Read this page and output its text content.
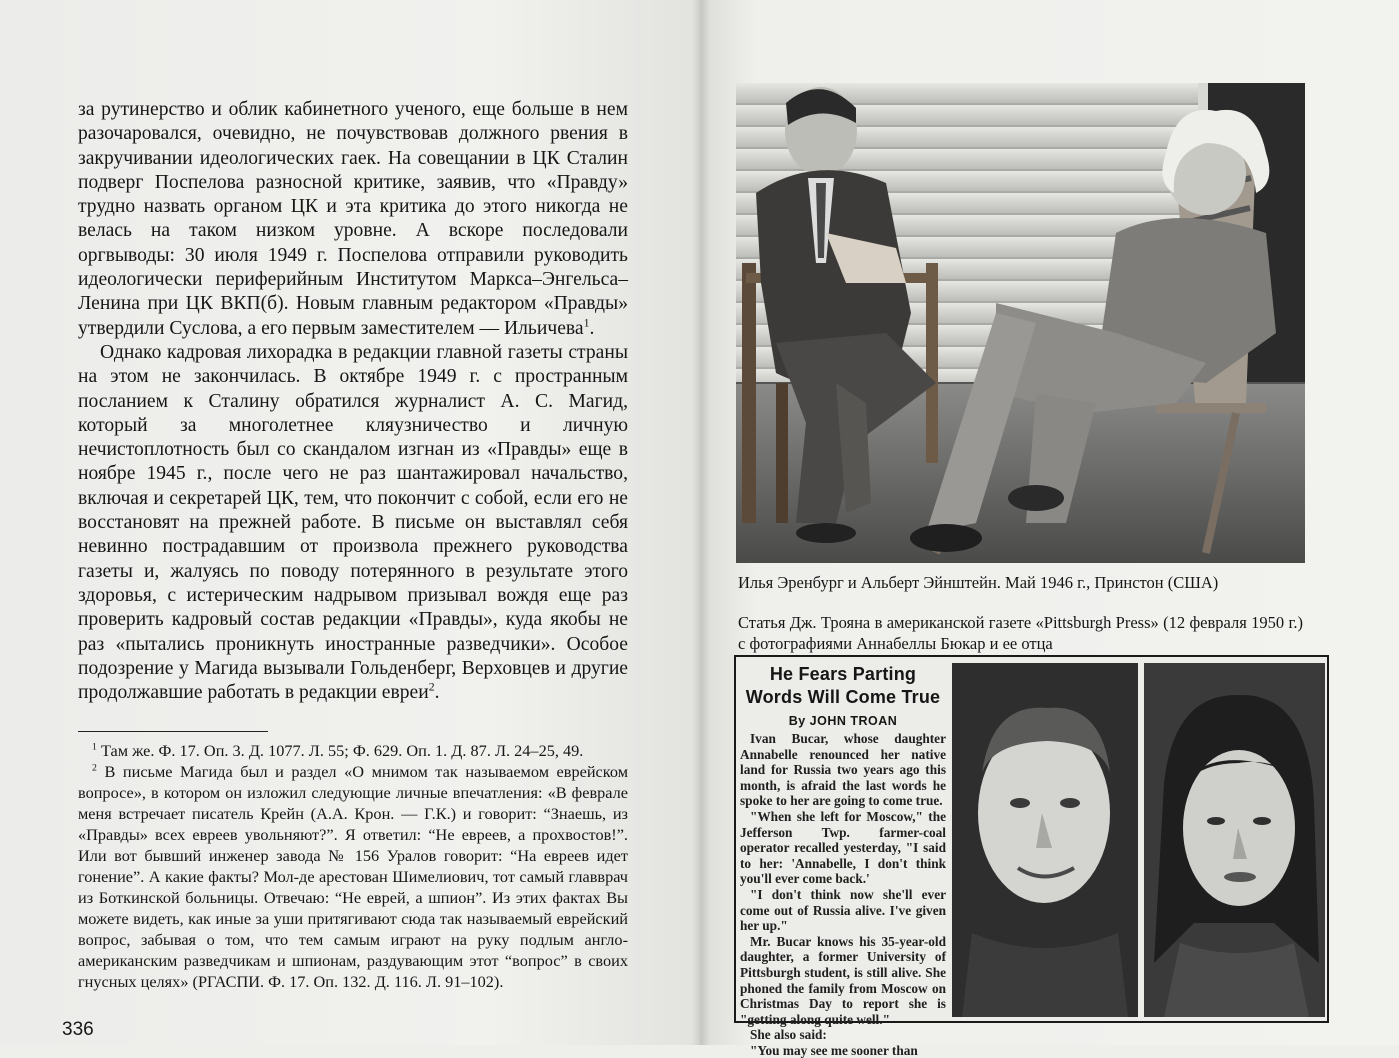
за рутинерство и облик кабинетного ученого, еще больше в нем разочаровался, очевидно, не почувствовав должного рвения в закручивании идеологических гаек. На совещании в ЦК Сталин подверг Поспелова разносной критике, заявив, что «Правду» трудно назвать органом ЦК и эта критика до этого никогда не велась на таком низком уровне. А вскоре последовали оргвыводы: 30 июля 1949 г. Поспелова отправили руководить идеологически периферийным Институтом Маркса–Энгельса–Ленина при ЦК ВКП(б). Новым главным редактором «Правды» утвердили Суслова, а его первым заместителем — Ильичева$^1$.

Однако кадровая лихорадка в редакции главной газеты страны на этом не закончилась. В октябре 1949 г. с пространным посланием к Сталину обратился журналист А. С. Магид, который за многолетнее кляузничество и личную нечистоплотность был со скандалом изгнан из «Правды» еще в ноябре 1945 г., после чего не раз шантажировал начальство, включая и секретарей ЦК, тем, что покончит с собой, если его не восстановят на прежней работе. В письме он выставлял себя невинно пострадавшим от произвола прежнего руководства газеты и, жалуясь по поводу потерянного в результате этого здоровья, с истерическим надрывом призывал вождя еще раз проверить кадровый состав редакции «Правды», куда якобы не раз «пытались проникнуть иностранные разведчики». Особое подозрение у Магида вызывали Гольденберг, Верховцев и другие продолжавшие работать в редакции евреи$^2$.

$^1$ Там же. Ф. 17. Оп. 3. Д. 1077. Л. 55; Ф. 629. Оп. 1. Д. 87. Л. 24–25, 49.

$^2$ В письме Магида был и раздел «О мнимом так называемом еврейском вопросе», в котором он изложил следующие личные впечатления: «В феврале меня встречает писатель Крейн (А.А. Крон. — Г.К.) и говорит: “Знаешь, из «Правды» всех евреев увольняют?”. Я ответил: “Не евреев, а прохвостов!”. Или вот бывший инженер завода № 156 Уралов говорит: “На евреев идет гонение”. А какие факты? Мол-де арестован Шимелиович, тот самый главврач из Боткинской больницы. Отвечаю: “Не еврей, а шпион”. Из этих фактах Вы можете видеть, как иные за уши притягивают сюда так называемый еврейский вопрос, забывая о том, что тем самым играют на руку подлым англо-американским разведчикам и шпионам, раздувающим этот “вопрос” в своих гнусных целях» (РГАСПИ. Ф. 17. Оп. 132. Д. 116. Л. 91–102).

336
Илья Эренбург и Альберт Эйнштейн. Май 1946 г., Принстон (США)
Статья Дж. Трояна в американской газете «Pittsburgh Press» (12 февраля 1950 г.) с фотографиями Аннабеллы Бюкар и ее отца
He Fears Parting
Words Will Come True
By JOHN TROAN

Ivan Bucar, whose daughter Annabelle renounced her native land for Russia two years ago this month, is afraid the last words he spoke to her are going to come true.

"When she left for Moscow," the Jefferson Twp. farmer-coal operator recalled yesterday, "I said to her: 'Annabelle, I don't think you'll ever come back.'

"I don't think now she'll ever come out of Russia alive. I've given her up."

Mr. Bucar knows his 35-year-old daughter, a former University of Pittsburgh student, is still alive. She phoned the family from Moscow on Christmas Day to report she is "getting along quite well."

She also said:

"You may see me sooner than
